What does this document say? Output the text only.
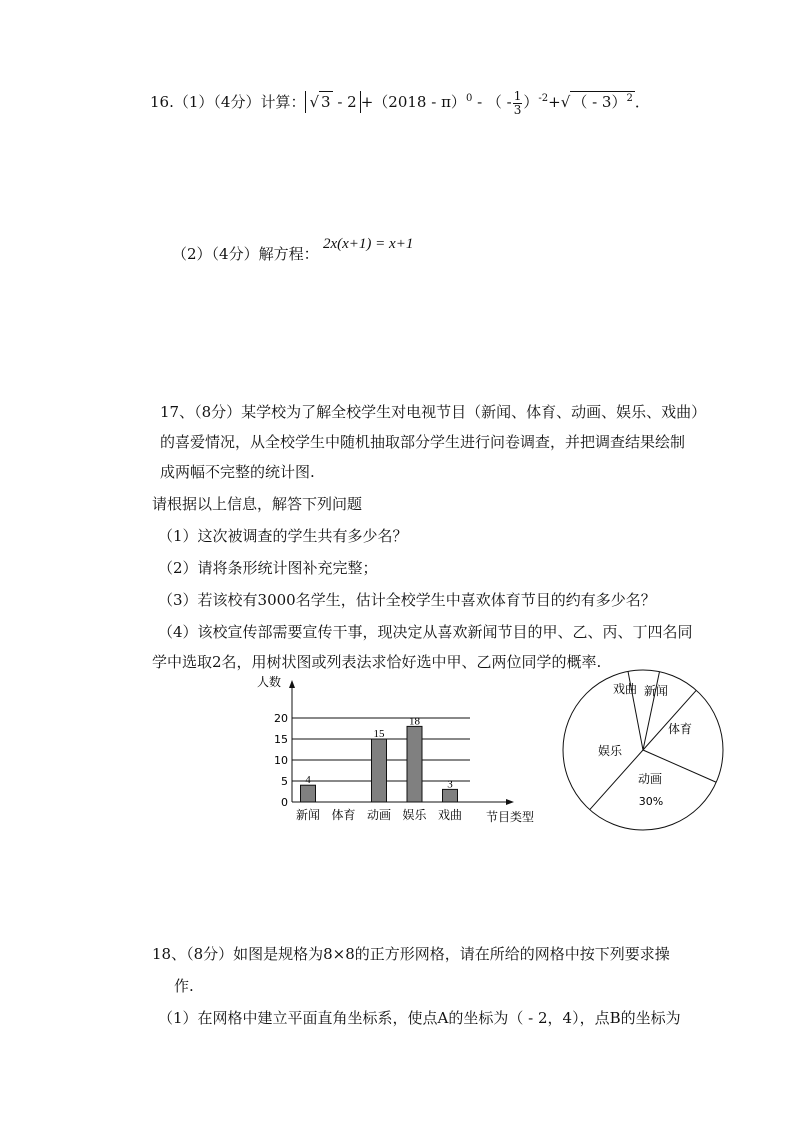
16.（1）（4分）计算： √ 3 - 2 +（2018 - π）$^0$ - （ - $\frac{1}{3} )^{-2}+√$ （ - 3）$^2$ ．
（2）（4分）解方程：
2x(x+1) = x+1
17、（8分）某学校为了解全校学生对电视节目（新闻、体育、动画、娱乐、戏曲）
的喜爱情况，从全校学生中随机抽取部分学生进行问卷调查，并把调查结果绘制
成两幅不完整的统计图.
请根据以上信息，解答下列问题
（1）这次被调查的学生共有多少名？
（2）请将条形统计图补充完整；
（3）若该校有3000名学生，估计全校学生中喜欢体育节目的约有多少名？
（4）该校宣传部需要宣传干事，现决定从喜欢新闻节目的甲、乙、丙、丁四名同
学中选取2名，用树状图或列表法求恰好选中甲、乙两位同学的概率.
0
5
10
15
20
人数
节目类型
新闻
4
体育 动画
15
娱乐
18
戏曲
3
戏曲 新闻
体育
动画
娱乐
30%
18、（8分）如图是规格为8×8的正方形网格，请在所给的网格中按下列要求操
作.
（1）在网格中建立平面直角坐标系，使点A的坐标为（ - 2，4），点B的坐标为
